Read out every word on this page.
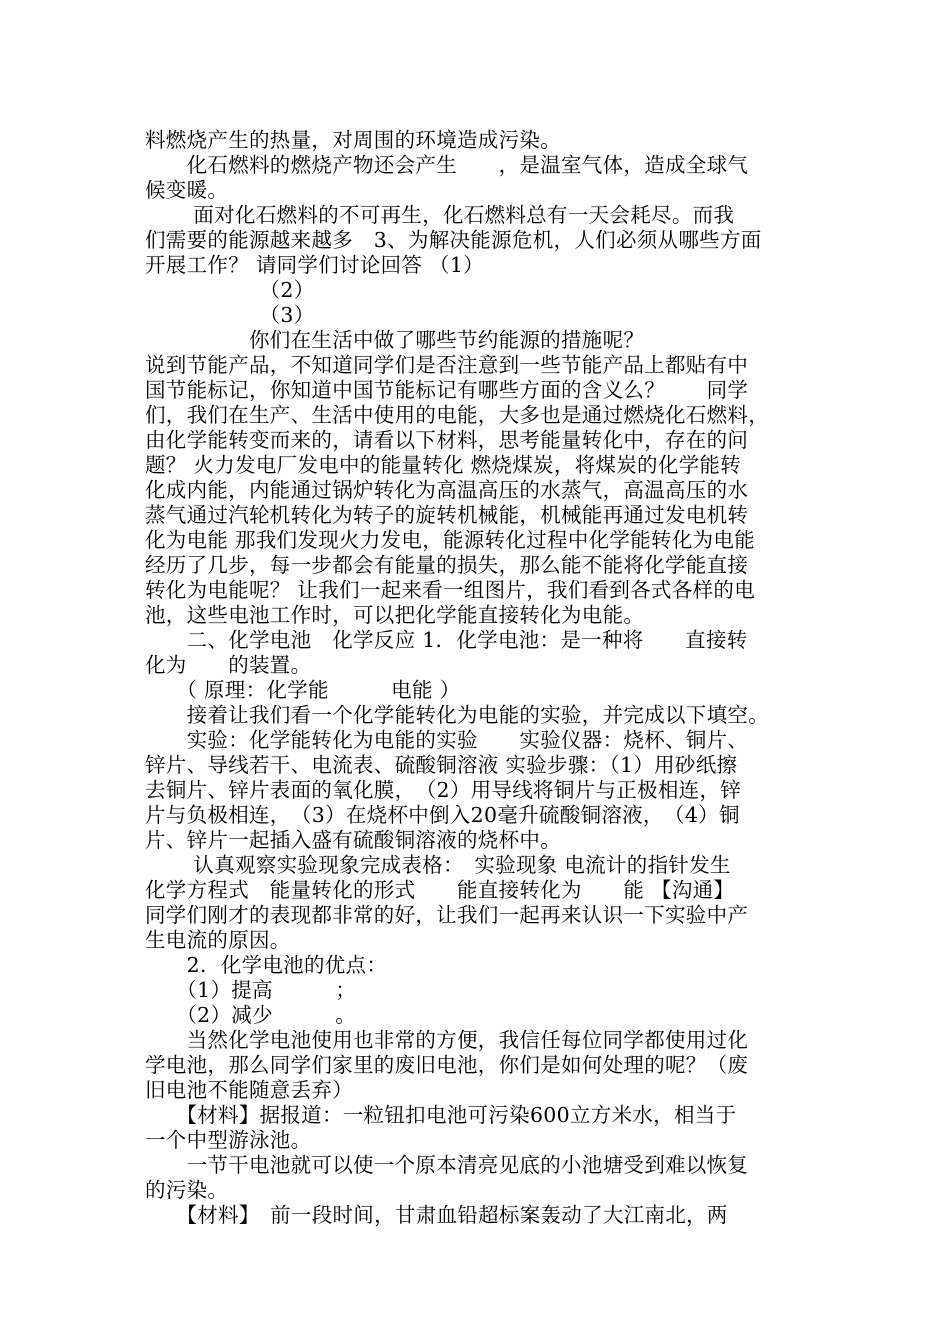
料燃烧产生的热量，对周围的环境造成污染。
　　化石燃料的燃烧产物还会产生　　，是温室气体，造成全球气
候变暖。
　　 面对化石燃料的不可再生，化石燃料总有一天会耗尽。而我
们需要的能源越来越多　3、为解决能源危机，人们必须从哪些方面
开展工作？ 请同学们讨论回答 （1）
　　　　　　（2）
　　　　　　（3）
　　　　　你们在生活中做了哪些节约能源的措施呢？
说到节能产品，不知道同学们是否注意到一些节能产品上都贴有中
国节能标记，你知道中国节能标记有哪些方面的含义么？　　同学
们，我们在生产、生活中使用的电能，大多也是通过燃烧化石燃料，
由化学能转变而来的，请看以下材料，思考能量转化中，存在的问
题？ 火力发电厂发电中的能量转化 燃烧煤炭，将煤炭的化学能转
化成内能，内能通过锅炉转化为高温高压的水蒸气，高温高压的水
蒸气通过汽轮机转化为转子的旋转机械能，机械能再通过发电机转
化为电能 那我们发现火力发电，能源转化过程中化学能转化为电能
经历了几步，每一步都会有能量的损失，那么能不能将化学能直接
转化为电能呢？ 让我们一起来看一组图片，我们看到各式各样的电
池，这些电池工作时，可以把化学能直接转化为电能。
　　二、化学电池　化学反应 1．化学电池：是一种将　　直接转
化为　　的装置。
　　（ 原理：化学能　　　电能 ）
　　接着让我们看一个化学能转化为电能的实验，并完成以下填空。
　　实验：化学能转化为电能的实验　　实验仪器：烧杯、铜片、
锌片、导线若干、电流表、硫酸铜溶液 实验步骤：（1）用砂纸擦
去铜片、锌片表面的氧化膜，　（2）用导线将铜片与正极相连，锌
片与负极相连，　（3）在烧杯中倒入20毫升硫酸铜溶液，　（4）铜
片、锌片一起插入盛有硫酸铜溶液的烧杯中。
　　 认真观察实验现象完成表格：　实验现象 电流计的指针发生
化学方程式　能量转化的形式　　能直接转化为　　能 【沟通】
同学们刚才的表现都非常的好，让我们一起再来认识一下实验中产
生电流的原因。
　　2．化学电池的优点：
　　（1）提高　　　；
　　（2）减少　　　。
　　当然化学电池使用也非常的方便，我信任每位同学都使用过化
学电池，那么同学们家里的废旧电池，你们是如何处理的呢？（废
旧电池不能随意丢弃）
　　【材料】据报道：一粒钮扣电池可污染600立方米水，相当于
一个中型游泳池。
　　一节干电池就可以使一个原本清亮见底的小池塘受到难以恢复
的污染。
　　【材料】　前一段时间，甘肃血铅超标案轰动了大江南北，两
